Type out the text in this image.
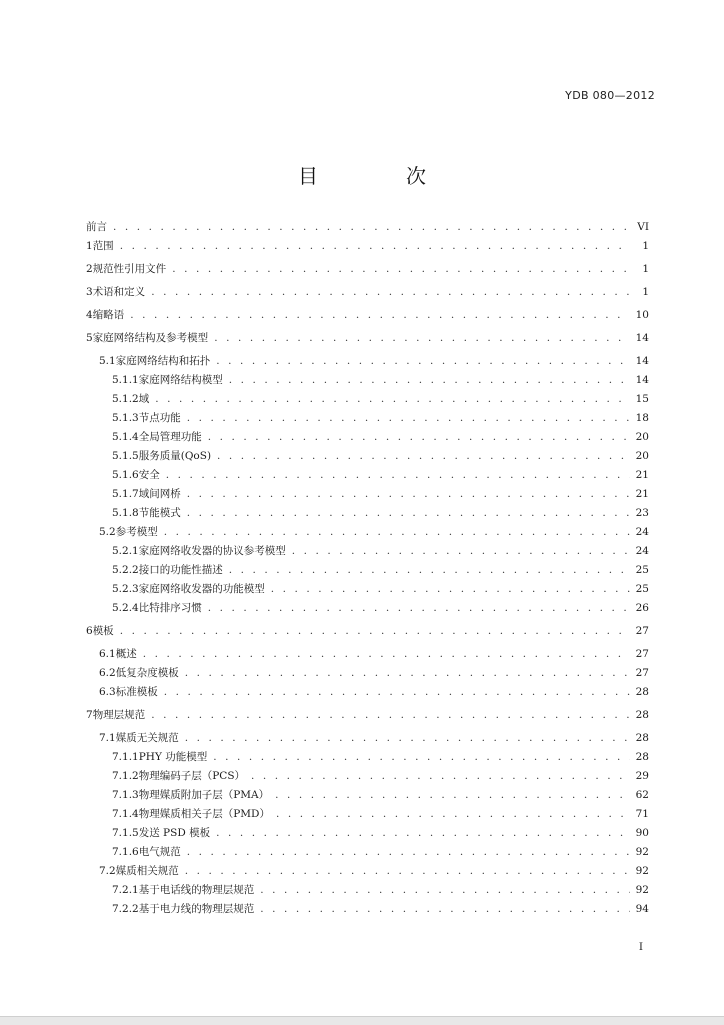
YDB 080—2012
目　次
前言 . . .	VI
1 范围 . . .	1
2 规范性引用文件 . . .	1
3 术语和定义 . . .	1
4 缩略语 . . .	10
5 家庭网络结构及参考模型 . . .	14
5.1 家庭网络结构和拓扑 . . .	14
5.1.1 家庭网络结构模型 . . .	14
5.1.2 域 . . .	15
5.1.3 节点功能 . . .	18
5.1.4 全局管理功能 . . .	20
5.1.5 服务质量(QoS) . . .	20
5.1.6 安全 . . .	21
5.1.7 域间网桥 . . .	21
5.1.8 节能模式 . . .	23
5.2 参考模型 . . .	24
5.2.1 家庭网络收发器的协议参考模型 . . .	24
5.2.2 接口的功能性描述 . . .	25
5.2.3 家庭网络收发器的功能模型 . . .	25
5.2.4 比特排序习惯 . . .	26
6 模板 . . .	27
6.1 概述 . . .	27
6.2 低复杂度模板 . . .	27
6.3 标准模板 . . .	28
7 物理层规范 . . .	28
7.1 媒质无关规范 . . .	28
7.1.1 PHY 功能模型 . . .	28
7.1.2 物理编码子层（PCS） . . .	29
7.1.3 物理媒质附加子层（PMA） . . .	62
7.1.4 物理媒质相关子层（PMD） . . .	71
7.1.5 发送 PSD 模板 . . .	90
7.1.6 电气规范 . . .	92
7.2 媒质相关规范 . . .	92
7.2.1 基于电话线的物理层规范 . . .	92
7.2.2 基于电力线的物理层规范 . . .	94
I
